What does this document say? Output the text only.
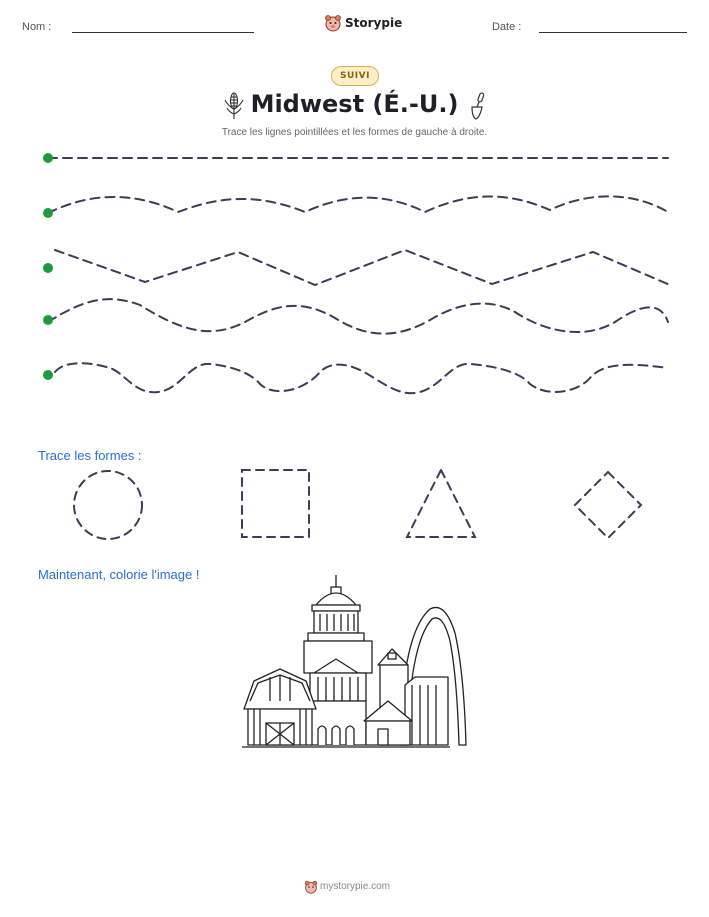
Nom :	Storypie	Date :
SUIVI
Midwest (É.-U.)
Trace les lignes pointillées et les formes de gauche à droite.
Trace les formes :
Maintenant, colorie l'image !
mystorypie.com
